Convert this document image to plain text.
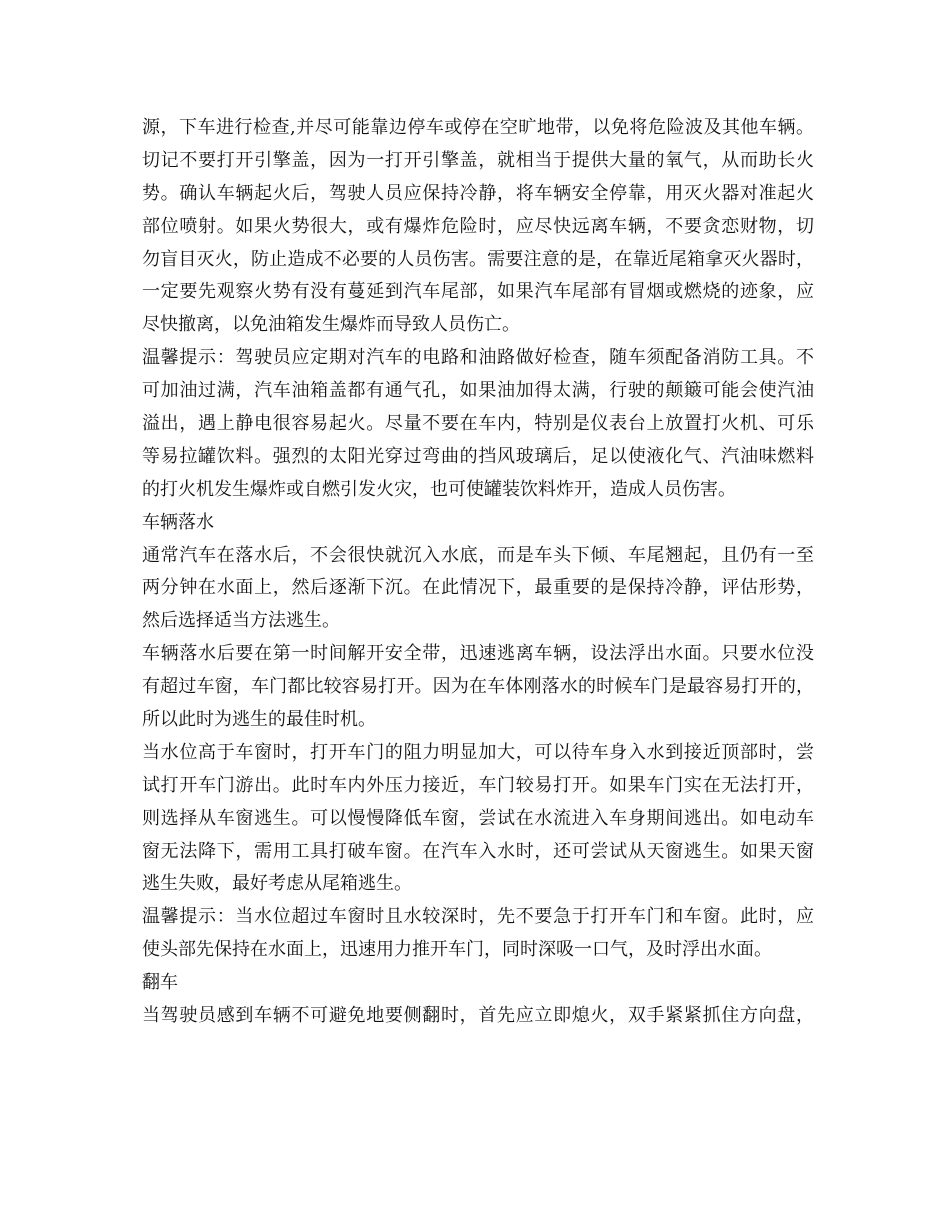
源，下车进行检查,并尽可能靠边停车或停在空旷地带，以免将危险波及其他车辆。
切记不要打开引擎盖，因为一打开引擎盖，就相当于提供大量的氧气，从而助长火
势。确认车辆起火后，驾驶人员应保持冷静，将车辆安全停靠，用灭火器对准起火
部位喷射。如果火势很大，或有爆炸危险时，应尽快远离车辆，不要贪恋财物，切
勿盲目灭火，防止造成不必要的人员伤害。需要注意的是，在靠近尾箱拿灭火器时，
一定要先观察火势有没有蔓延到汽车尾部，如果汽车尾部有冒烟或燃烧的迹象，应
尽快撤离，以免油箱发生爆炸而导致人员伤亡。
温馨提示：驾驶员应定期对汽车的电路和油路做好检查，随车须配备消防工具。不
可加油过满，汽车油箱盖都有通气孔，如果油加得太满，行驶的颠簸可能会使汽油
溢出，遇上静电很容易起火。尽量不要在车内，特别是仪表台上放置打火机、可乐
等易拉罐饮料。强烈的太阳光穿过弯曲的挡风玻璃后，足以使液化气、汽油味燃料
的打火机发生爆炸或自燃引发火灾，也可使罐装饮料炸开，造成人员伤害。
车辆落水
通常汽车在落水后，不会很快就沉入水底，而是车头下倾、车尾翘起，且仍有一至
两分钟在水面上，然后逐渐下沉。在此情况下，最重要的是保持冷静，评估形势，
然后选择适当方法逃生。
车辆落水后要在第一时间解开安全带，迅速逃离车辆，设法浮出水面。只要水位没
有超过车窗，车门都比较容易打开。因为在车体刚落水的时候车门是最容易打开的，
所以此时为逃生的最佳时机。
当水位高于车窗时，打开车门的阻力明显加大，可以待车身入水到接近顶部时，尝
试打开车门游出。此时车内外压力接近，车门较易打开。如果车门实在无法打开，
则选择从车窗逃生。可以慢慢降低车窗，尝试在水流进入车身期间逃出。如电动车
窗无法降下，需用工具打破车窗。在汽车入水时，还可尝试从天窗逃生。如果天窗
逃生失败，最好考虑从尾箱逃生。
温馨提示：当水位超过车窗时且水较深时，先不要急于打开车门和车窗。此时，应
使头部先保持在水面上，迅速用力推开车门，同时深吸一口气，及时浮出水面。
翻车
当驾驶员感到车辆不可避免地要侧翻时，首先应立即熄火，双手紧紧抓住方向盘，
